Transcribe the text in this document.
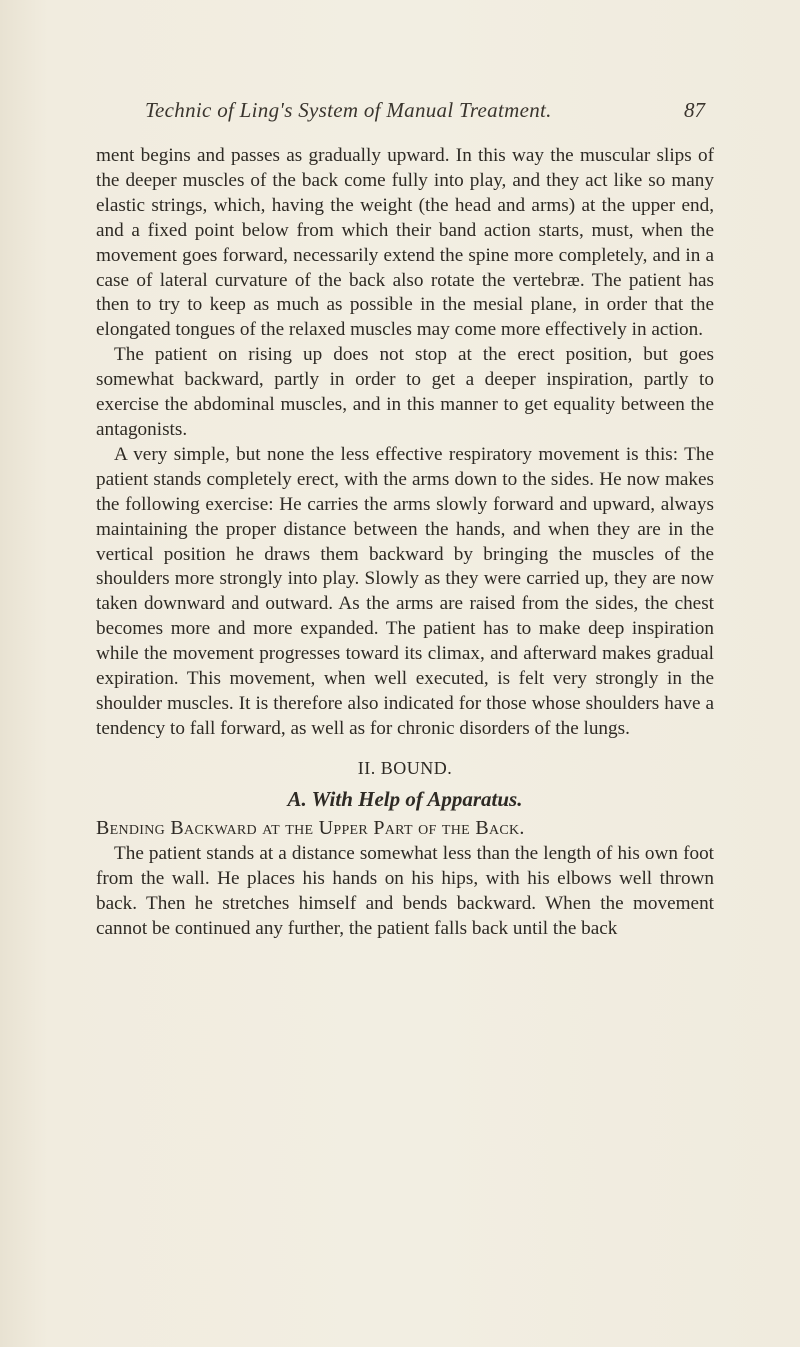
Technic of Ling's System of Manual Treatment.	87

ment begins and passes as gradually upward. In this way the muscular slips of the deeper muscles of the back come fully into play, and they act like so many elastic strings, which, having the weight (the head and arms) at the upper end, and a fixed point below from which their band action starts, must, when the movement goes forward, necessarily extend the spine more completely, and in a case of lateral curvature of the back also rotate the vertebræ. The patient has then to try to keep as much as possible in the mesial plane, in order that the elongated tongues of the relaxed muscles may come more effectively in action.

The patient on rising up does not stop at the erect position, but goes somewhat backward, partly in order to get a deeper inspiration, partly to exercise the abdominal muscles, and in this manner to get equality between the antagonists.

A very simple, but none the less effective respiratory movement is this: The patient stands completely erect, with the arms down to the sides. He now makes the following exercise: He carries the arms slowly forward and upward, always maintaining the proper distance between the hands, and when they are in the vertical position he draws them backward by bringing the muscles of the shoulders more strongly into play. Slowly as they were carried up, they are now taken downward and outward. As the arms are raised from the sides, the chest becomes more and more expanded. The patient has to make deep inspiration while the movement progresses toward its climax, and afterward makes gradual expiration. This movement, when well executed, is felt very strongly in the shoulder muscles. It is therefore also indicated for those whose shoulders have a tendency to fall forward, as well as for chronic disorders of the lungs.

II. BOUND.
A. With Help of Apparatus.
Bending Backward at the Upper Part of the Back.

The patient stands at a distance somewhat less than the length of his own foot from the wall. He places his hands on his hips, with his elbows well thrown back. Then he stretches himself and bends backward. When the movement cannot be continued any further, the patient falls back until the back
